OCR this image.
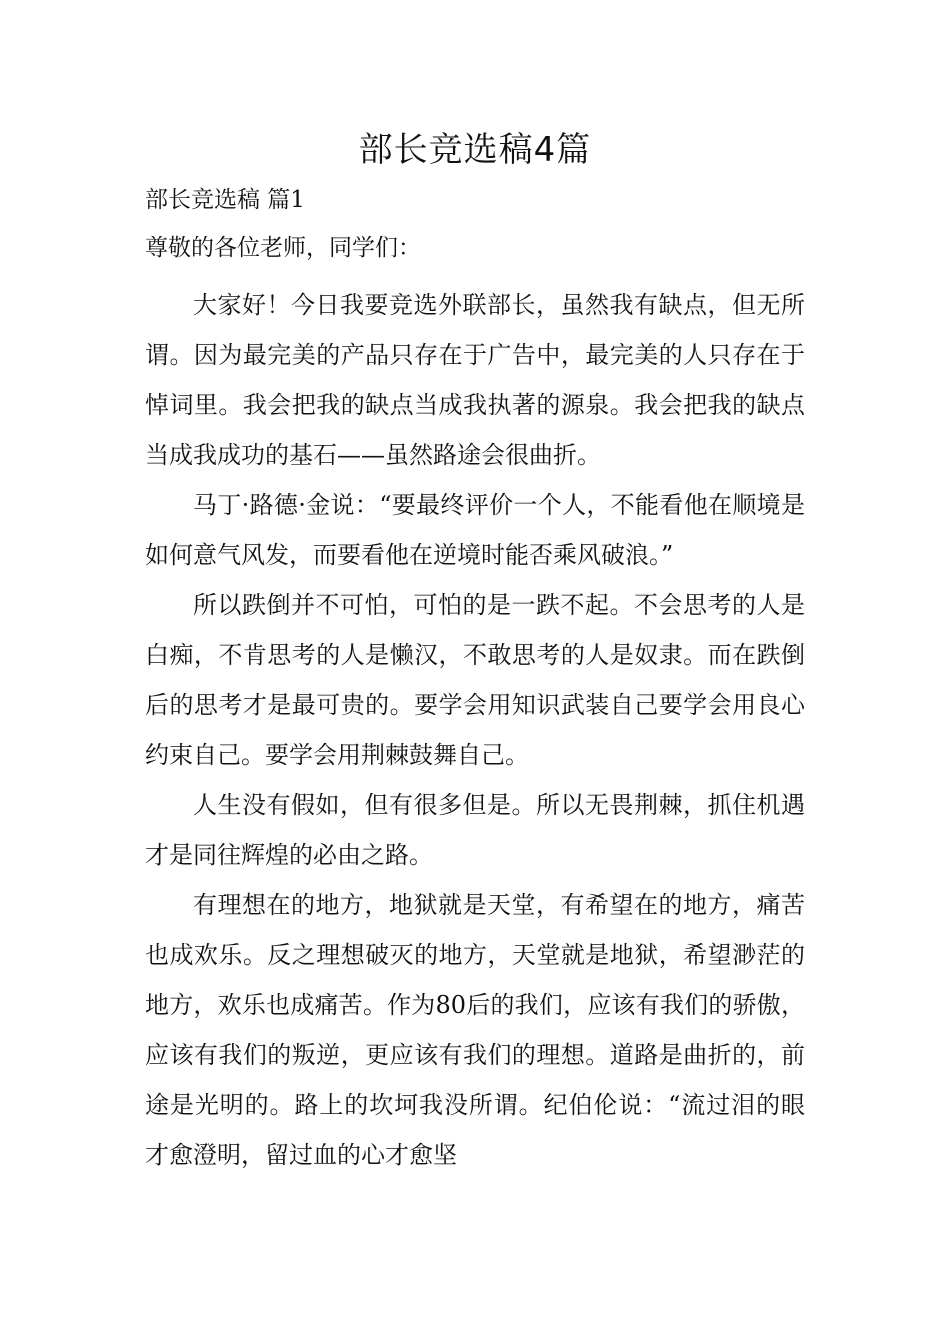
部长竞选稿4篇
部长竞选稿 篇1

尊敬的各位老师，同学们：

大家好！今日我要竞选外联部长，虽然我有缺点，但无所谓。因为最完美的产品只存在于广告中，最完美的人只存在于悼词里。我会把我的缺点当成我执著的源泉。我会把我的缺点当成我成功的基石——虽然路途会很曲折。

马丁·路德·金说：“要最终评价一个人，不能看他在顺境是如何意气风发，而要看他在逆境时能否乘风破浪。”

所以跌倒并不可怕，可怕的是一跌不起。不会思考的人是白痴，不肯思考的人是懒汉，不敢思考的人是奴隶。而在跌倒后的思考才是最可贵的。要学会用知识武装自己要学会用良心约束自己。要学会用荆棘鼓舞自己。

人生没有假如，但有很多但是。所以无畏荆棘，抓住机遇才是同往辉煌的必由之路。

有理想在的地方，地狱就是天堂，有希望在的地方，痛苦也成欢乐。反之理想破灭的地方，天堂就是地狱，希望渺茫的地方，欢乐也成痛苦。作为80后的我们，应该有我们的骄傲，应该有我们的叛逆，更应该有我们的理想。道路是曲折的，前途是光明的。路上的坎坷我没所谓。纪伯伦说：“流过泪的眼才愈澄明，留过血的心才愈坚
